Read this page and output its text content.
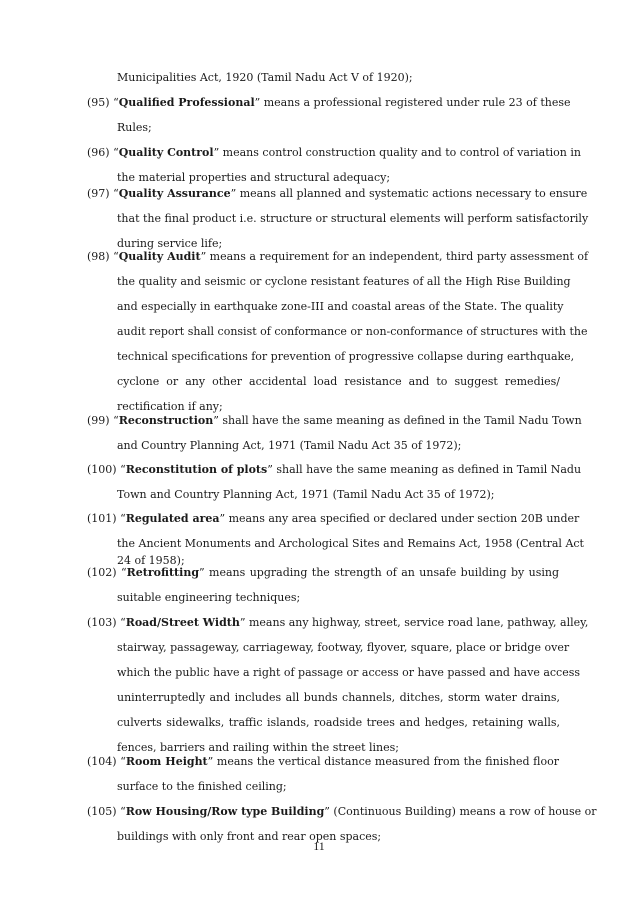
Municipalities Act, 1920 (Tamil Nadu Act V of 1920);
(95) “Qualified Professional” means a professional registered under rule 23 of these
Rules;
(96) “Quality Control” means control construction quality and to control of variation in
the material properties and structural adequacy;
(97) “Quality Assurance” means all planned and systematic actions necessary to ensure
that the final product i.e. structure or structural elements will perform satisfactorily
during service life;
(98) “Quality Audit” means a requirement for an independent, third party assessment of
the quality and seismic or cyclone resistant features of all the High Rise Building
and especially in earthquake zone-III and coastal areas of the State. The quality
audit report shall consist of conformance or non-conformance of structures with the
technical specifications for prevention of progressive collapse during earthquake,
cyclone or any other accidental load resistance and to suggest remedies/
rectification if any;
(99) “Reconstruction” shall have the same meaning as defined in the Tamil Nadu Town
and Country Planning Act, 1971 (Tamil Nadu Act 35 of 1972);
(100) “Reconstitution of plots” shall have the same meaning as defined in Tamil Nadu
Town and Country Planning Act, 1971 (Tamil Nadu Act 35 of 1972);
(101) “Regulated area” means any area specified or declared under section 20B under
the Ancient Monuments and Archological Sites and Remains Act, 1958 (Central Act
24 of 1958);
(102) “Retrofitting” means upgrading the strength of an unsafe building by using
suitable engineering techniques;
(103) “Road/Street Width” means any highway, street, service road lane, pathway, alley,
stairway, passageway, carriageway, footway, flyover, square, place or bridge over
which the public have a right of passage or access or have passed and have access
uninterruptedly and includes all bunds channels, ditches, storm water drains,
culverts sidewalks, traffic islands, roadside trees and hedges, retaining walls,
fences, barriers and railing within the street lines;
(104) “Room Height” means the vertical distance measured from the finished floor
surface to the finished ceiling;
(105) “Row Housing/Row type Building” (Continuous Building) means a row of house or
buildings with only front and rear open spaces;
11
